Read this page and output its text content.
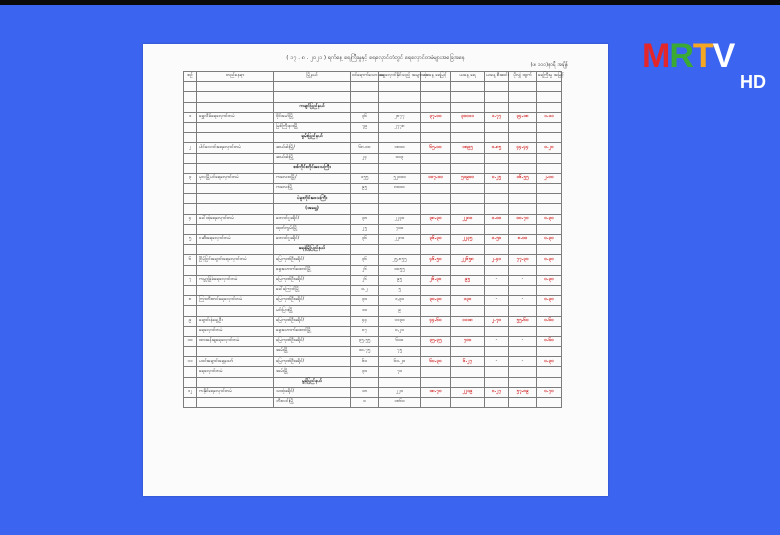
( ၁၇ . ၈ . ၂၀၂၁ ) ရက်နေ့ ရေကြီးမှုနှင့် ရေလှောင်တံတွင် ရေလှောင်တမံများအခြေအနေ
(ဖ၊ ၁၀၀)နာရီ အချိန်
စဉ်	တည်နေရာ	မြို့နယ်	ဝင်ရောက်သော ရေ	ရေလှောင်နိုင်သည့် အများဆုံး	ယနေ့ ရေမြင့်	ယနေ့ ရေ	ယနေ့ စီးဆင်း	ပိုလျှံ ထွက်	ရေကြီးမှု အမြင့်

		ကချင်ပြည်နယ်							
၁	ရွှေလီခ်ရေလှောင်တမံ	ဝိုင်းမော်မြို့	၃၆	၂၈၇၇	၃၇.၀၀	၃၀၀၁၁	၁.၇၇	၃၄.၁၈	၁.၁၁
		မြစ်ကြီးနားမြို့	၇၉	၂၇၇၈					
		ရှမ်းပြည်နယ်							
၂	ပါင်လောင်းရေလှောင်တမံ	ဆယ်ခါးမြို့/	၆၈.၀၀	၁၈၀၀	၆၅.၀၀	၁၈၉၅	၀.၈၅	၄၄.၄၄	၀.၂၀
		ဆယ်ခါးမြို့	၂၄	၀၀၃					
		စစ်ကိုင်းတိုင်းဒေသကြီး							
၃	မုလမြို့ပင်ရေလှောင်တမံ	ကလေးဝမြို့/	၁၅၅	၅၂၀၀၀	၁၀၇.၀၀	၅၁၉၀၀	၀.၂၅	၁၆.၅၅	၂.၀၀
		ကလေးမြို့	၉၅	၈၀၀၀					
		ပဲခူးတိုင်းဒေသကြီး							
		(အရှေ့)							
၄	ခေါ်ထဲ့ရေလှောင်တမံ	တောင်ငူခရိုင်/	၃၈	၂၂၃၀	၃၈.၃၀	၂၂၈၀	၀.၀၀	၀၀.၇၀	၀.၃၀
		ထုတ်ကွမ်းမြို့	၂၅	၇၀၀					
၅	ငဆီးရေလှောင်တမံ	တောင်ငူခရိုင်/	၃၆	၂၂၈၀	၃၆.၃၀	၂၂၃၅	၀.၅၀	၈.၀၀	၀.၃၀
		ရေနံမြို့ပြည်နယ်							
၆	ငြိမ့်ငြင်းချောင်းရေလှောင်တမံ	မြေကုဏ်ဦးခရိုင်/	၃၆	၂၅,၈၅၅	၄၆.၅၀	၂၂၆၅၈	၂.၄၀	၇၇.၃၀	၀.၃၀
		ရှေးဟောက်ထောင်မြို့	၂၆	၀၀၅၅					
၇	ကမ္ဘာ့ခြုံခံရေလှောင်တမံ	မြေကုဏ်ဦးခရိုင်/	၂၆	၉၅	၂၆.၃၀	၉၅	-	-	၀.၃၀
		ခေါ်ကြောင်မြို့	၀.၂	၅					
၈	ကြာတီးတင်ရေလှောင်တမံ	မြေကုဏ်ဦးခရိုင်/	၃၀	၁,၃၀	၃၀.၃၀	၁၃၀	-	-	၀.၃၀
		မင်းပြားမြို့	၁၀	၉					
၉	ချောင်းနံရှေ့ဦး	မြေကုဏ်ဦးခရိုင်/	၄၄	၁၁၃၀	၄၄.၆၀	၁၁၁၈	၂.၇၀	၅၅.၆၀	၀.၆၀
	ရေလှောင်တမံ	ရှေးဟောက်ထောင်မြို့	၀၇	၀,၂၀					
၁၀	ထားခန်းချရေလှောင်တမံ	မြေကုဏ်ဦးခရိုင်/	၃၅.၅၅	၆၀၀	၃၅.၃၅	၇၀၀	-	-	၀.၆၀
		အမ်းမြို့	၁၀.၇၅	၇၅					
၁၁	ပဝင်းချောင်းရှေ့သော်	မြေကုဏ်ဦးခရိုင်/	၆၀	၆၀.၂၀	၆၀.၃၀	၆.၂၇	-	-	၀.၃၀
	ရေလှောင်တမံ	အမ်းမြို့	၃၀	၇၀					
		မွန်ပြည်နယ်							
၁၂	ကနိုင်ရေလှောင်တမံ	သထုံခရိုင်/	၁၈	၂၂၀	၁၈.၇၀	၂၂၁၉	၀.၂၇	၅၇.၈၉	၀.၇၀
		ဘီးလင်းမြို့	၀	၁၈၆၀					
MRTV
HD
